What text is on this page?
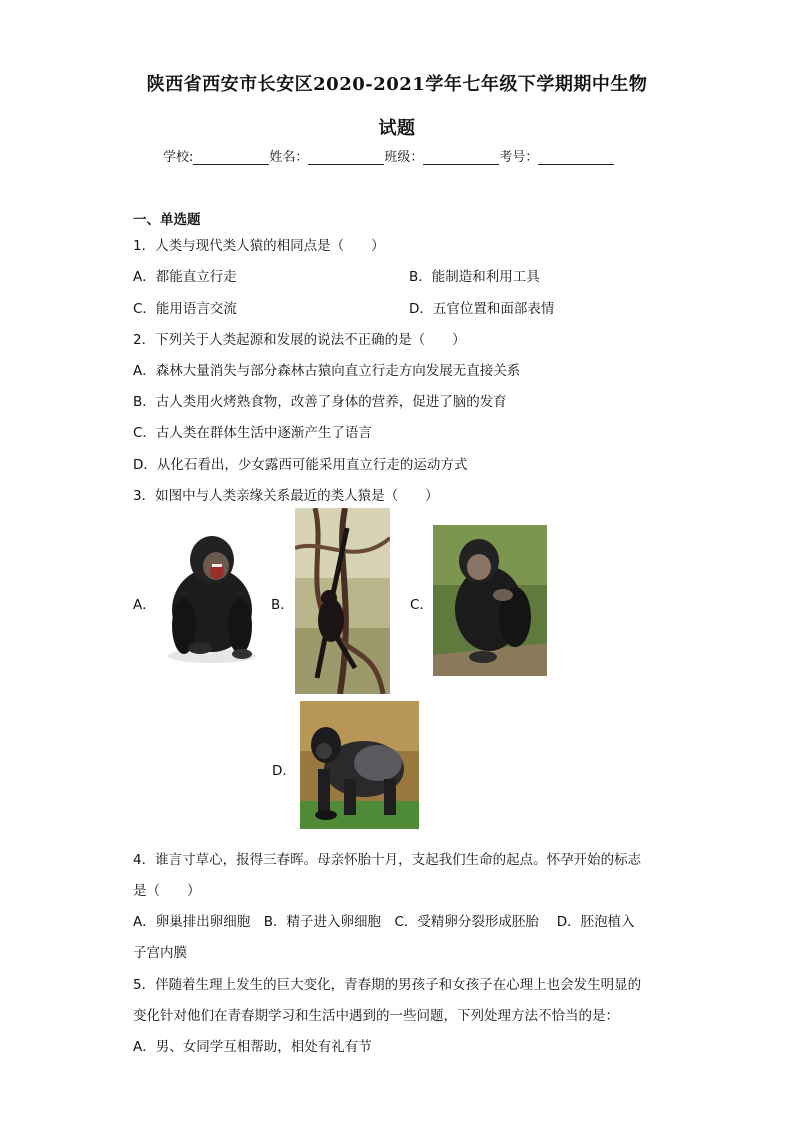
陕西省西安市长安区2020-2021学年七年级下学期期中生物
试题
学校:	姓名：	班级：	考号：
一、单选题
1．人类与现代类人猿的相同点是（　　）
A．都能直立行走	B．能制造和利用工具
C．能用语言交流	D．五官位置和面部表情
2．下列关于人类起源和发展的说法不正确的是（　　）
A．森林大量消失与部分森林古猿向直立行走方向发展无直接关系
B．古人类用火烤熟食物，改善了身体的营养，促进了脑的发育
C．古人类在群体生活中逐渐产生了语言
D．从化石看出，少女露西可能采用直立行走的运动方式
3．如图中与人类亲缘关系最近的类人猿是（　　）
A．	B．	C．
D．
4．谁言寸草心，报得三春晖。母亲怀胎十月，支起我们生命的起点。怀孕开始的标志
是（　　）
A．卵巢排出卵细胞　B．精子进入卵细胞　C．受精卵分裂形成胚胎　 D．胚泡植入
子宫内膜
5．伴随着生理上发生的巨大变化，青春期的男孩子和女孩子在心理上也会发生明显的
变化针对他们在青春期学习和生活中遇到的一些问题，下列处理方法不恰当的是：
A．男、女同学互相帮助，相处有礼有节
